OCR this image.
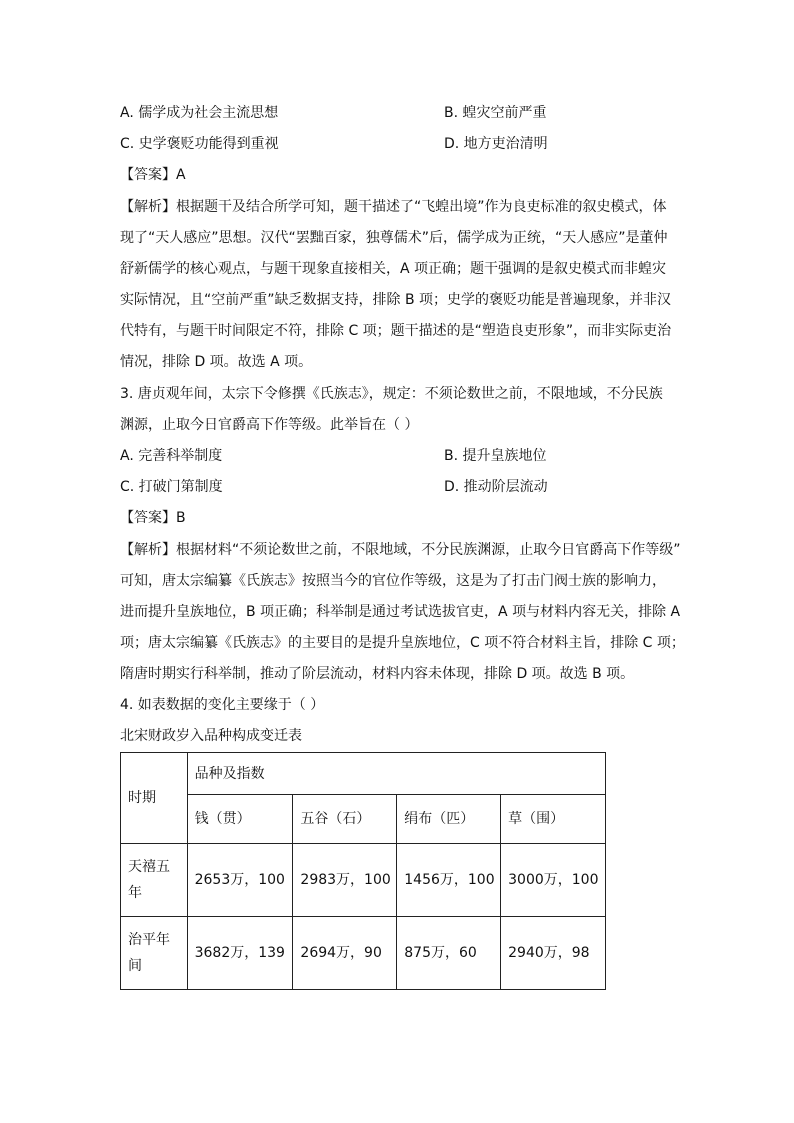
A. 儒学成为社会主流思想	B. 蝗灾空前严重
C. 史学褒贬功能得到重视	D. 地方吏治清明
【答案】A
【解析】根据题干及结合所学可知，题干描述了“飞蝗出境”作为良吏标准的叙史模式，体
现了“天人感应”思想。汉代“罢黜百家，独尊儒术”后，儒学成为正统，“天人感应”是董仲
舒新儒学的核心观点，与题干现象直接相关，A 项正确；题干强调的是叙史模式而非蝗灾
实际情况，且“空前严重”缺乏数据支持，排除 B 项；史学的褒贬功能是普遍现象，并非汉
代特有，与题干时间限定不符，排除 C 项；题干描述的是“塑造良吏形象”，而非实际吏治
情况，排除 D 项。故选 A 项。
3. 唐贞观年间，太宗下令修撰《氏族志》，规定：不须论数世之前，不限地域，不分民族
渊源，止取今日官爵高下作等级。此举旨在（ ）
A. 完善科举制度	B. 提升皇族地位
C. 打破门第制度	D. 推动阶层流动
【答案】B
【解析】根据材料“不须论数世之前，不限地域，不分民族渊源，止取今日官爵高下作等级”
可知，唐太宗编纂《氏族志》按照当今的官位作等级，这是为了打击门阀士族的影响力，
进而提升皇族地位，B 项正确；科举制是通过考试选拔官吏，A 项与材料内容无关，排除 A
项；唐太宗编纂《氏族志》的主要目的是提升皇族地位，C 项不符合材料主旨，排除 C 项；
隋唐时期实行科举制，推动了阶层流动，材料内容未体现，排除 D 项。故选 B 项。
4. 如表数据的变化主要缘于（ ）
北宋财政岁入品种构成变迁表
时期	品种及指数			
	钱（贯）	五谷（石）	绢布（匹）	草（围）

天禧五
年	2653万，100	2983万，100	1456万，100	3000万，100

治平年
间	3682万，139	2694万，90	875万，60	2940万，98
